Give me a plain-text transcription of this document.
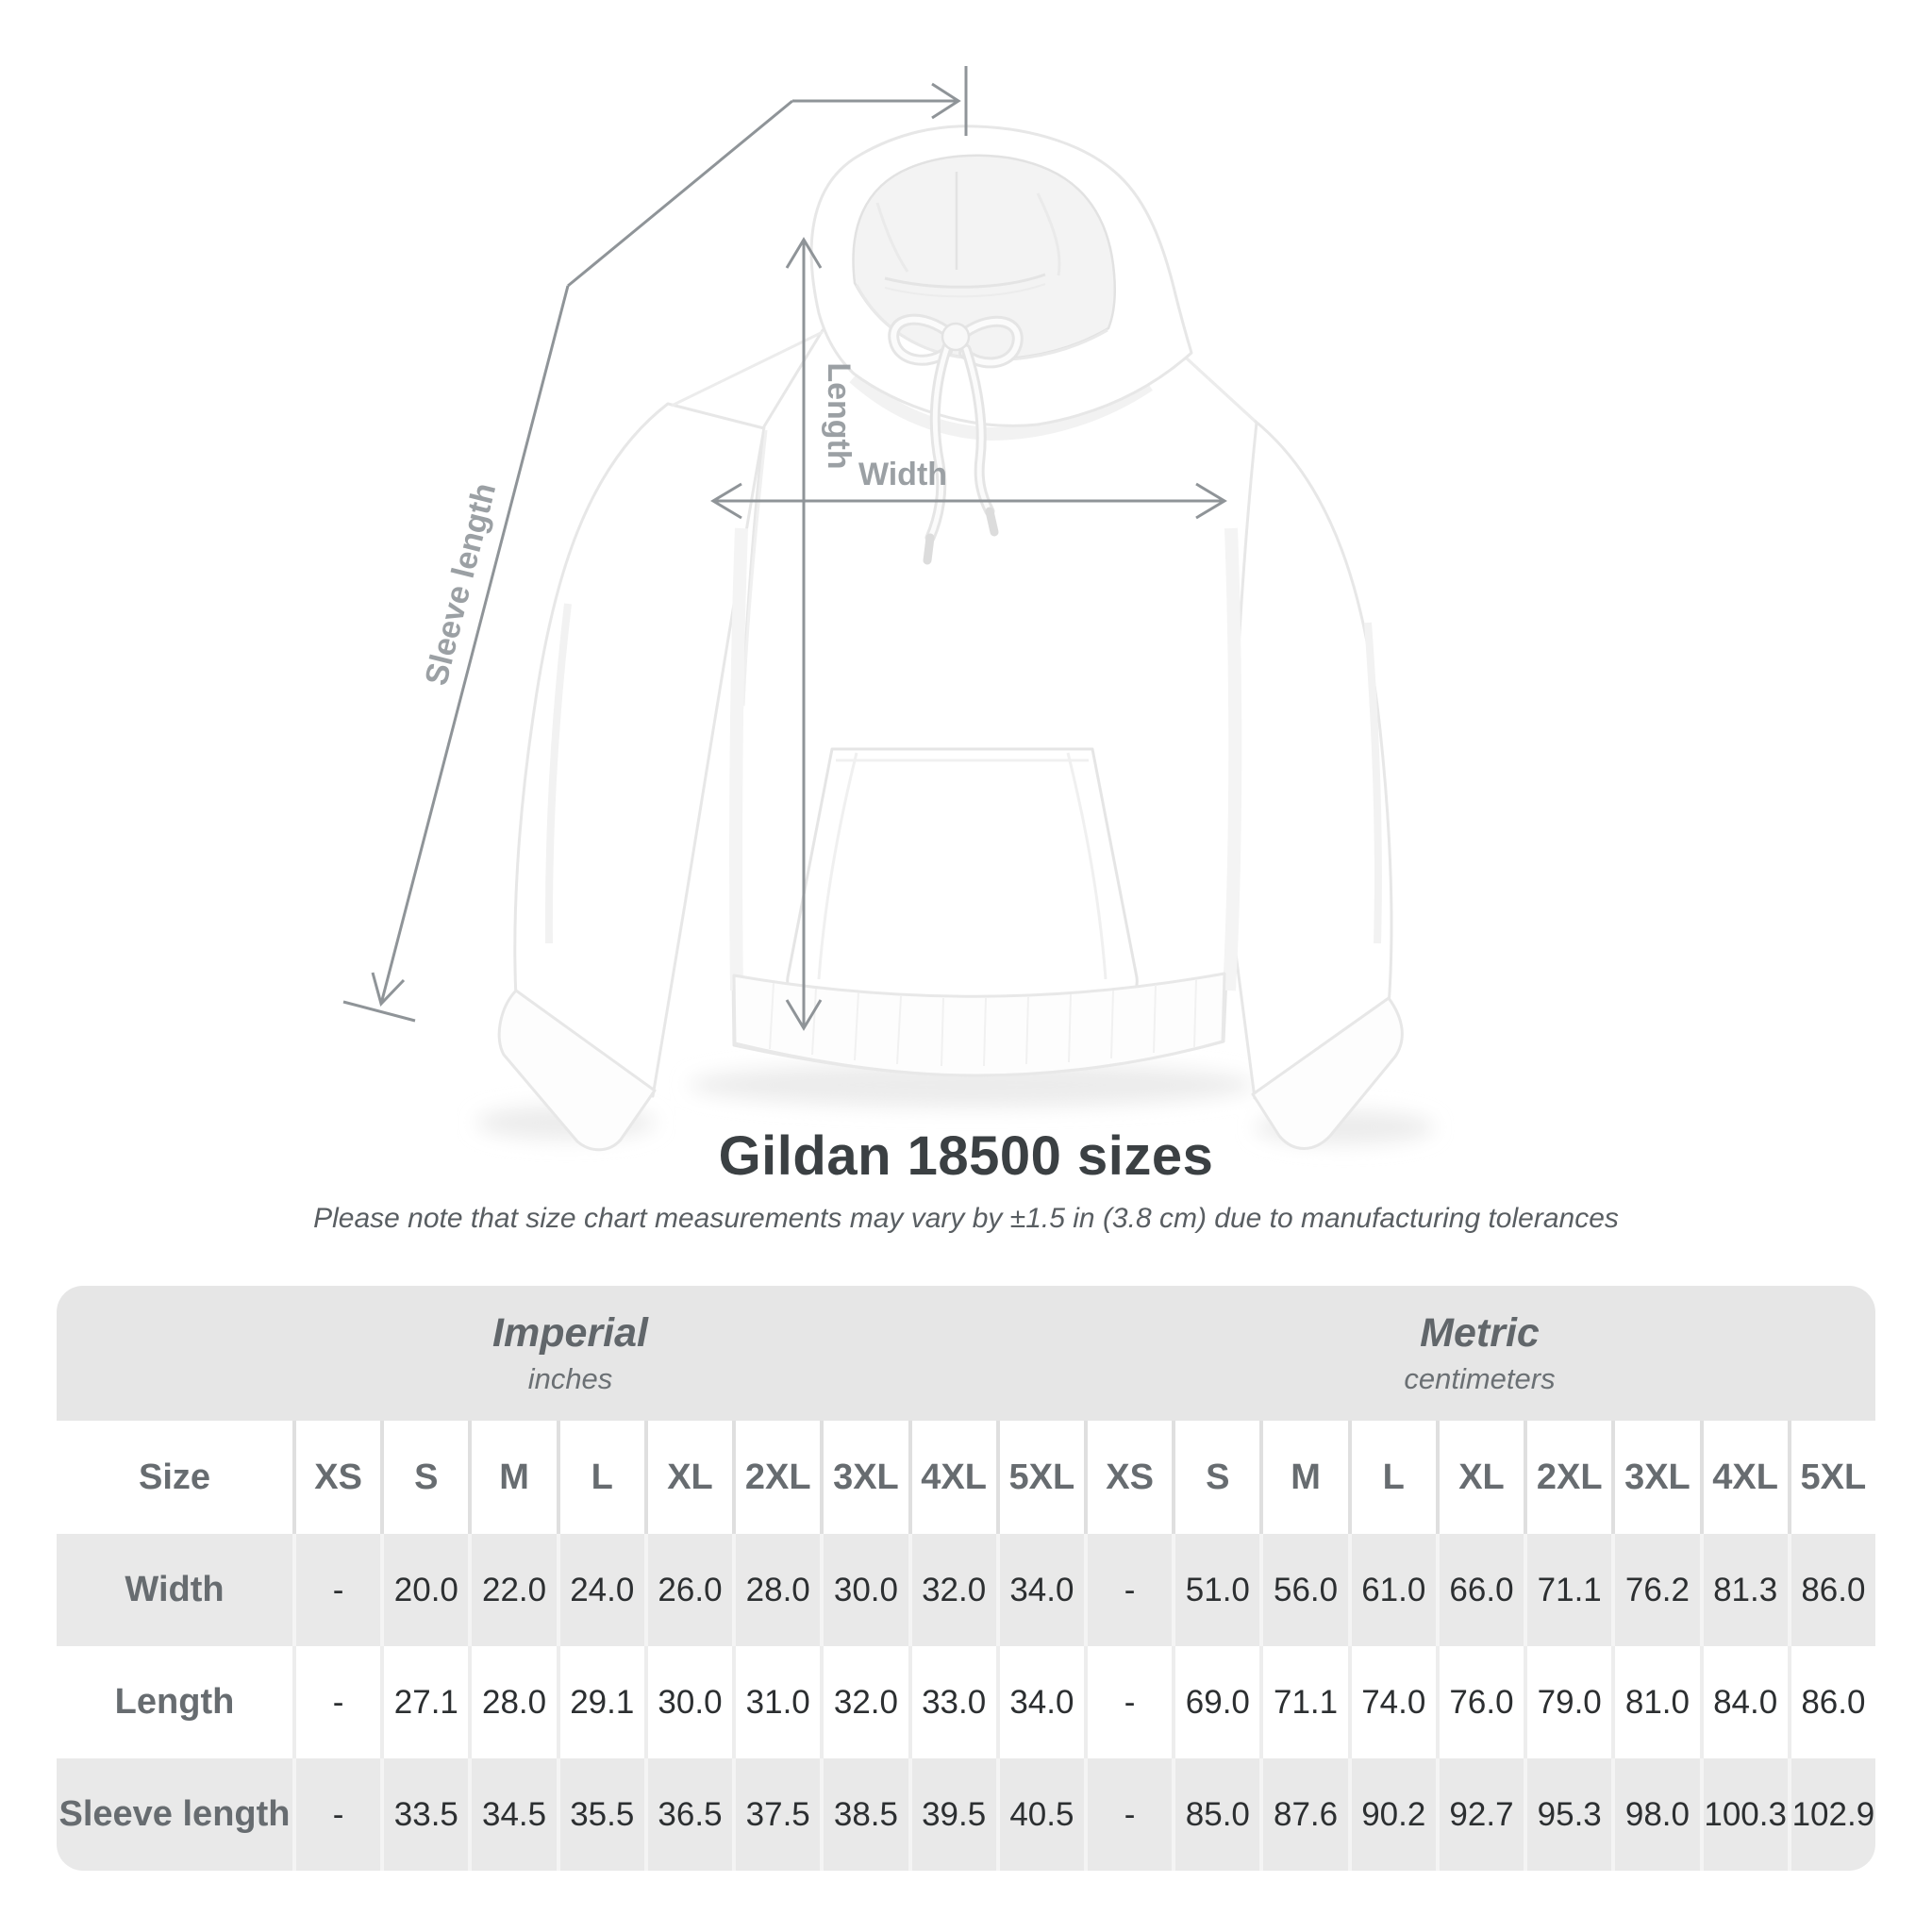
Sleeve length
Length
Width
Gildan 18500 sizes

Please note that size chart measurements may vary by ±1.5 in (3.8 cm) due to manufacturing tolerances

Imperial
inches
Metric
centimeters
Size	XS	S	M	L	XL 2XL 3XL 4XL 5XL XS	S	M	L	XL 2XL 3XL 4XL 5XL
Width	-	20.0 22.0 24.0 26.0 28.0 30.0 32.0 34.0	-	51.0 56.0 61.0 66.0 71.1 76.2 81.3 86.0
Length	-	27.1 28.0 29.1 30.0 31.0 32.0 33.0 34.0	-	69.0 71.1 74.0 76.0 79.0 81.0 84.0 86.0
Sleeve length	-	33.5 34.5 35.5 36.5 37.5 38.5 39.5 40.5	-	85.0 87.6 90.2 92.7 95.3 98.0 100.3 102.9
